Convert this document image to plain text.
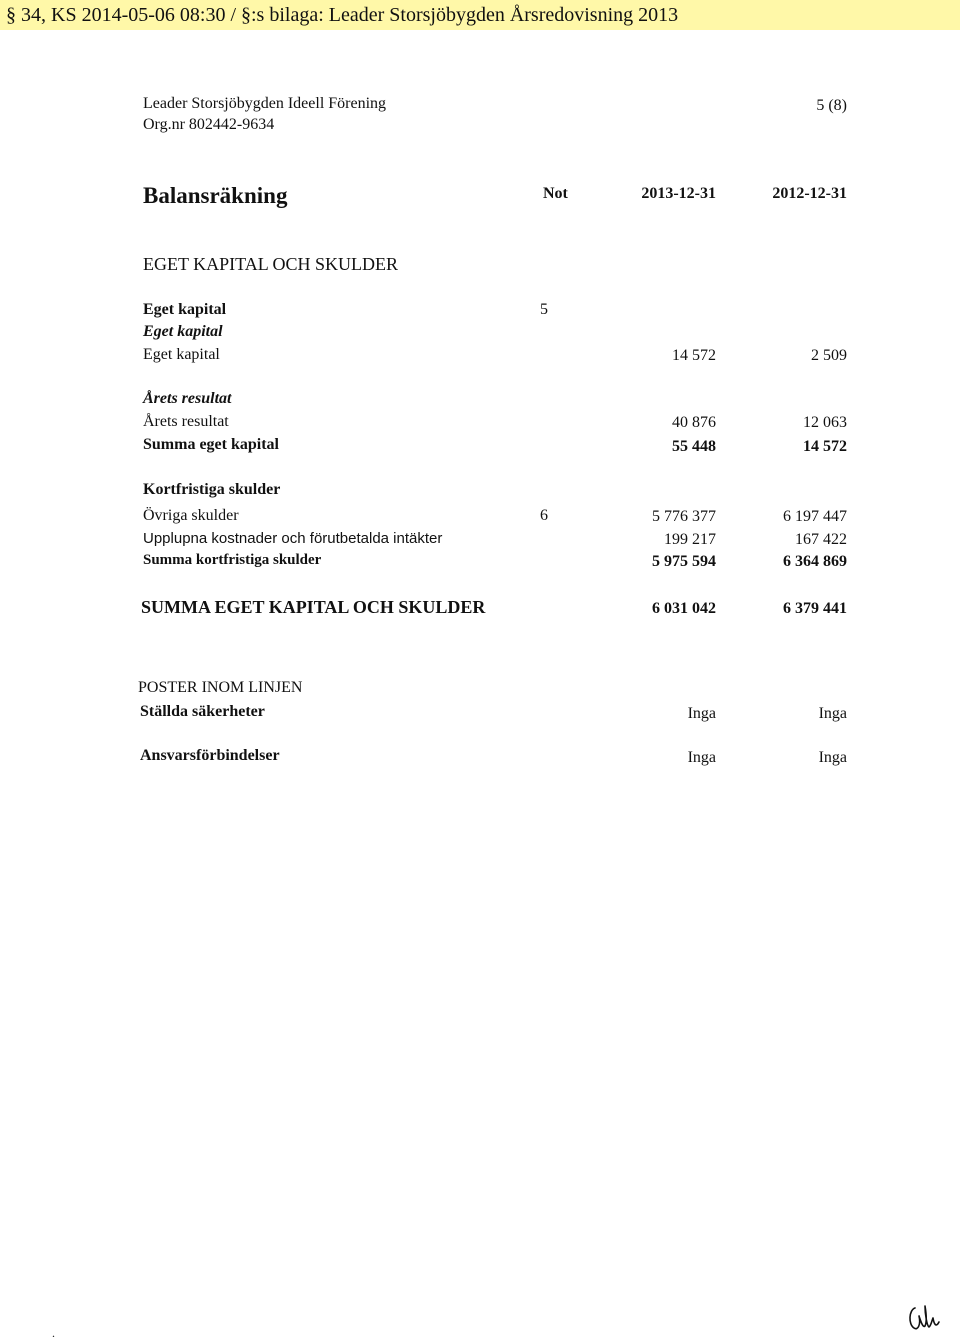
§ 34, KS 2014-05-06 08:30 / §:s bilaga: Leader Storsjöbygden Årsredovisning 2013
Leader Storsjöbygden Ideell Förening
Org.nr 802442-9634
5 (8)
Balansräkning	Not	2013-12-31	2012-12-31
EGET KAPITAL OCH SKULDER
Eget kapital	5
Eget kapital
Eget kapital	14 572	2 509
Årets resultat
Årets resultat	40 876	12 063
Summa eget kapital	55 448	14 572
Kortfristiga skulder
Övriga skulder	6	5 776 377	6 197 447
Upplupna kostnader och förutbetalda intäkter	199 217	167 422
Summa kortfristiga skulder	5 975 594	6 364 869
SUMMA EGET KAPITAL OCH SKULDER	6 031 042	6 379 441
POSTER INOM LINJEN
Ställda säkerheter	Inga	Inga
Ansvarsförbindelser	Inga	Inga
.
